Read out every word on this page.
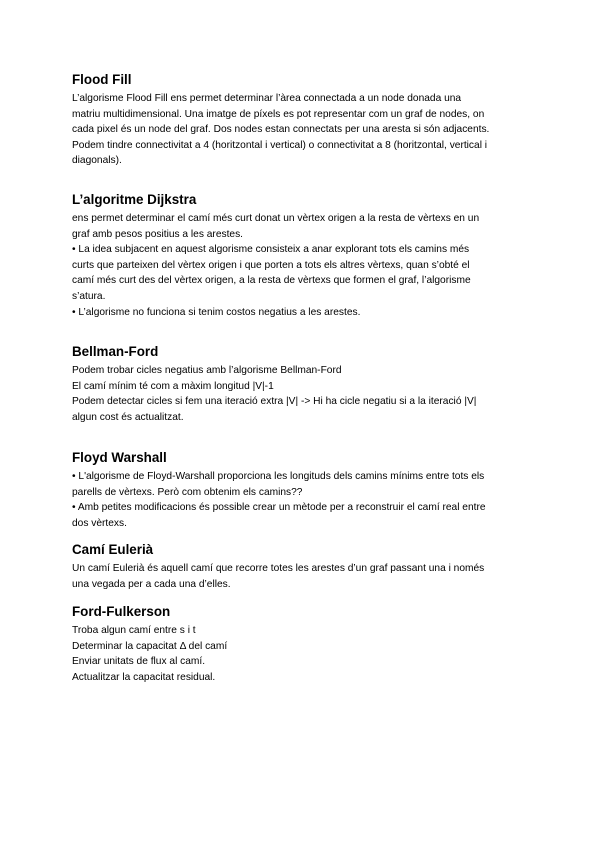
Flood Fill
L’algorisme Flood Fill ens permet determinar l’àrea connectada a un node donada una
matriu multidimensional. Una imatge de píxels es pot representar com un graf de nodes, on
cada pixel és un node del graf. Dos nodes estan connectats per una aresta si són adjacents.
Podem tindre connectivitat a 4 (horitzontal i vertical) o connectivitat a 8 (horitzontal, vertical i
diagonals).
L’algoritme Dijkstra
ens permet determinar el camí més curt donat un vèrtex origen a la resta de vèrtexs en un
graf amb pesos positius a les arestes.
• La idea subjacent en aquest algorisme consisteix a anar explorant tots els camins més
curts que parteixen del vèrtex origen i que porten a tots els altres vèrtexs, quan s’obté el
camí més curt des del vèrtex origen, a la resta de vèrtexs que formen el graf, l’algorisme
s’atura.
• L’algorisme no funciona si tenim costos negatius a les arestes.
Bellman-Ford
Podem trobar cicles negatius amb l’algorisme Bellman-Ford
El camí mínim té com a màxim longitud |V|-1
Podem detectar cicles si fem una iteració extra |V| -> Hi ha cicle negatiu si a la iteració |V|
algun cost és actualitzat.
Floyd Warshall
• L'algorisme de Floyd-Warshall proporciona les longituds dels camins mínims entre tots els
parells de vèrtexs. Però com obtenim els camins??
• Amb petites modificacions és possible crear un mètode per a reconstruir el camí real entre
dos vèrtexs.
Camí Eulerià
Un camí Eulerià és aquell camí que recorre totes les arestes d’un graf passant una i només
una vegada per a cada una d’elles.
Ford-Fulkerson
Troba algun camí entre s i t
Determinar la capacitat Δ del camí
Enviar unitats de flux al camí.
Actualitzar la capacitat residual.
